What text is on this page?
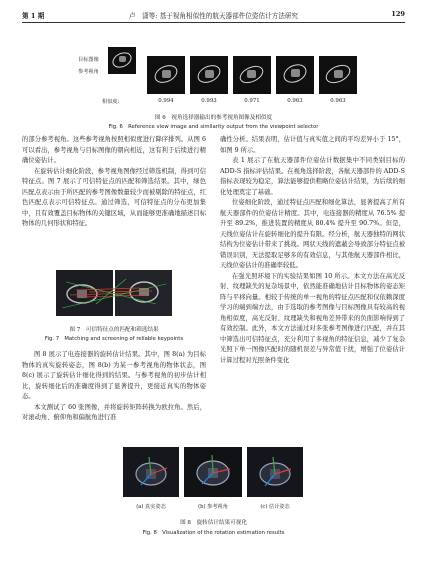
第 1 期	卢　潇等: 基于视角相似性的航天器部件位姿估计方法研究	129
目标图像
参考视角
相似度:	0.994	0.993	0.971	0.963	0.963
图 6　视角选择器输出的参考视角图像及相似度
Fig. 6　Reference view image and similarity output from the viewpoint selector

的部分参考视角。这些参考视角按照相似度进行降序排列。从图 6 可以看出，参考视角与目标图像的朝向相近，这有利于后续进行精确位姿估计。

在旋转估计细化阶段，参考视角图像经过筛选机制，得到可信特征点。图 7 展示了可信特征点的匹配和筛选结果。其中，绿色匹配点表示由于所匹配的参考图像数量较少而被剔除的特征点，红色匹配点表示可信特征点。通过筛选，可信特征点的分布更加集中，且有效覆盖目标物体的关键区域，从而能够更准确地描述目标物体的几何形状和特征。

图 7　可信特征点的匹配和筛选结果
Fig. 7　Matching and screening of reliable keypoints

图 8 展示了电连接器的旋转估计结果。其中，图 8(a) 为目标物体的真实旋转姿态，图 8(b) 为某一参考视角的物体状态，图 8(c) 展示了旋转估计细化得到的结果。与参考视角的初步估计相比，旋转细化后的准确度得到了显著提升，更接近真实的物体姿态。

本文测试了 60 张图像，并将旋转矩阵转换为欧拉角。然后，对滚动角、俯仰角和偏航角进行准

确性分析。结果表明，估计值与真实值之间的平均差异小于 15°，如图 9 所示。

表 1 展示了在航天器部件位姿估计数据集中不同类别目标的 ADD-S 指标评估结果。在视角选择阶段，各航天器部件的 ADD-S 指标表现较为稳定，算法能够提供粗略位姿估计结果，为后续的细化处理奠定了基础。

位姿细化阶段，通过特征点匹配和细化算法，显著提高了所有航天器部件的位姿估计精度。其中，电连接器的精度从 76.5% 提升至 89.2%，推进装置的精度从 80.4% 提升至 90.7%。但是，天线位姿估计在旋转细化的提升有限。经分析，航天器独特的网状结构为位姿估计带来了挑战。网状天线的遮蔽会导致部分特征点被错误识别，无法提取足够多的有效信息，与其他航天器部件相比，天线位姿估计的准确率较低。

在强光照环境下的实验结果如图 10 所示。本文方法在高光反射、纹理缺失的复杂场景中，依然能准确地估计目标物体的姿态矩阵与平移向量。相较于传统的单一视角的特征点匹配和仅依赖深度学习的端到端方法，由于选取的参考图像与目标图像具有较高的视角相似度，高光反射、纹理缺失和视角差异带来的负面影响得到了有效控制。此外，本文方法通过对多张参考图像进行匹配，并在其中筛选出可信特征点，充分利用了多视角的特征信息，减少了复杂光照下单一图像匹配时的随机误差与异常值干扰，增强了位姿估计计算过程对光照条件变化

(a) 真实姿态	(b) 参考视角	(c) 估计姿态
图 8　旋转估计结果可视化
Fig. 8　Visualization of the rotation estimation results
